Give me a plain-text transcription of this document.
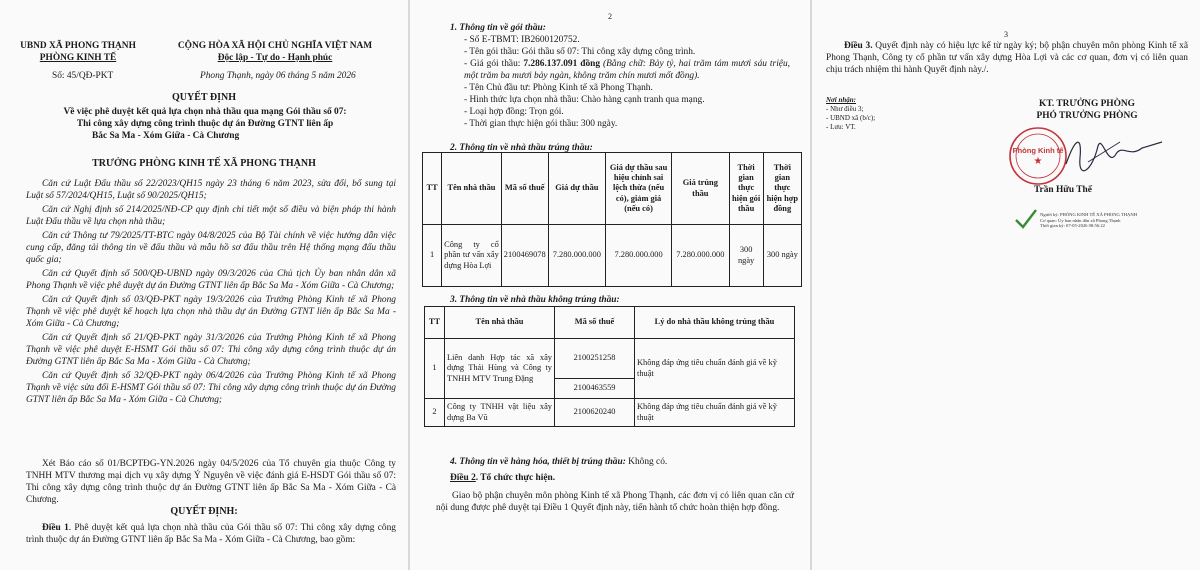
UBND XÃ PHONG THẠNH
PHÒNG KINH TẾ
CỘNG HÒA XÃ HỘI CHỦ NGHĨA VIỆT NAM
Độc lập - Tự do - Hạnh phúc
Số: 45/QĐ-PKT	Phong Thạnh, ngày 06 tháng 5 năm 2026
QUYẾT ĐỊNH
Về việc phê duyệt kết quả lựa chọn nhà thầu qua mạng Gói thầu số 07:
Thi công xây dựng công trình thuộc dự án Đường GTNT liên ấp
Bắc Sa Ma - Xóm Giữa - Cà Chương
TRƯỞNG PHÒNG KINH TẾ XÃ PHONG THẠNH

Căn cứ Luật Đấu thầu số 22/2023/QH15 ngày 23 tháng 6 năm 2023, sửa đổi, bổ sung tại Luật số 57/2024/QH15, Luật số 90/2025/QH15;

Căn cứ Nghị định số 214/2025/NĐ-CP quy định chi tiết một số điều và biện pháp thi hành Luật Đấu thầu về lựa chọn nhà thầu;

Căn cứ Thông tư 79/2025/TT-BTC ngày 04/8/2025 của Bộ Tài chính về việc hướng dẫn việc cung cấp, đăng tải thông tin về đấu thầu và mẫu hồ sơ đấu thầu trên Hệ thống mạng đấu thầu quốc gia;

Căn cứ Quyết định số 500/QĐ-UBND ngày 09/3/2026 của Chủ tịch Ủy ban nhân dân xã Phong Thạnh về việc phê duyệt dự án Đường GTNT liên ấp Bắc Sa Ma - Xóm Giữa - Cà Chương;

Căn cứ Quyết định số 03/QĐ-PKT ngày 19/3/2026 của Trưởng Phòng Kinh tế xã Phong Thạnh về việc phê duyệt kế hoạch lựa chọn nhà thầu dự án Đường GTNT liên ấp Bắc Sa Ma - Xóm Giữa - Cà Chương;

Căn cứ Quyết định số 21/QĐ-PKT ngày 31/3/2026 của Trưởng Phòng Kinh tế xã Phong Thạnh về việc phê duyệt E-HSMT Gói thầu số 07: Thi công xây dựng công trình thuộc dự án Đường GTNT liên ấp Bắc Sa Ma - Xóm Giữa - Cà Chương;

Căn cứ Quyết định số 32/QĐ-PKT ngày 06/4/2026 của Trưởng Phòng Kinh tế xã Phong Thạnh về việc sửa đổi E-HSMT Gói thầu số 07: Thi công xây dựng công trình thuộc dự án Đường GTNT liên ấp Bắc Sa Ma - Xóm Giữa - Cà Chương;

Xét Báo cáo số 01/BCPTĐG-YN.2026 ngày 04/5/2026 của Tổ chuyên gia thuộc Công ty TNHH MTV thương mại dịch vụ xây dựng Ý Nguyên về việc đánh giá E-HSDT Gói thầu số 07: Thi công xây dựng công trình thuộc dự án Đường GTNT liên ấp Bắc Sa Ma - Xóm Giữa - Cà Chương.

QUYẾT ĐỊNH:

Điều 1. Phê duyệt kết quả lựa chọn nhà thầu của Gói thầu số 07: Thi công xây dựng công trình thuộc dự án Đường GTNT liên ấp Bắc Sa Ma - Xóm Giữa - Cà Chương, bao gồm:

2
1. Thông tin về gói thầu:
- Số E-TBMT: IB2600120752.
- Tên gói thầu: Gói thầu số 07: Thi công xây dựng công trình.
- Giá gói thầu: 7.286.137.091 đồng (Bằng chữ: Bảy tỷ, hai trăm tám mươi sáu triệu, một trăm ba mươi bảy ngàn, không trăm chín mươi mốt đồng).
- Tên Chủ đầu tư: Phòng Kinh tế xã Phong Thạnh.
- Hình thức lựa chọn nhà thầu: Chào hàng cạnh tranh qua mạng.
- Loại hợp đồng: Trọn gói.
- Thời gian thực hiện gói thầu: 300 ngày.
2. Thông tin về nhà thầu trúng thầu:
TT	Tên nhà thầu	Mã số thuế	Giá dự thầu	Giá dự thầu sau hiệu chỉnh sai lệch thừa (nếu có), giảm giá (nếu có)	Giá trúng thầu	Thời gian thực hiện gói thầu	Thời gian thực hiện hợp đồng
1	Công ty cổ phần tư vấn xây dựng Hòa Lợi	2100469078	7.280.000.000	7.280.000.000	7.280.000.000	300 ngày	300 ngày
3. Thông tin về nhà thầu không trúng thầu:
TT	Tên nhà thầu	Mã số thuế	Lý do nhà thầu không trúng thầu
1	Liên danh Hợp tác xã xây dựng Thái Hùng và Công ty TNHH MTV Trung Đặng	2100251258	Không đáp ứng tiêu chuẩn đánh giá về kỹ thuật
		2100463559	
2	Công ty TNHH vật liệu xây dựng Ba Vũ	2100620240	Không đáp ứng tiêu chuẩn đánh giá về kỹ thuật
4. Thông tin về hàng hóa, thiết bị trúng thầu: Không có.
Điều 2. Tổ chức thực hiện.

Giao bộ phận chuyên môn phòng Kinh tế xã Phong Thạnh, các đơn vị có liên quan căn cứ nội dung được phê duyệt tại Điều 1 Quyết định này, tiến hành tổ chức hoàn thiện hợp đồng.

3

Điều 3. Quyết định này có hiệu lực kể từ ngày ký; bộ phận chuyên môn phòng Kinh tế xã Phong Thạnh, Công ty cổ phần tư vấn xây dựng Hòa Lợi và các cơ quan, đơn vị có liên quan chịu trách nhiệm thi hành Quyết định này./.

Nơi nhận:
- Như điều 3;
- UBND xã (b/c);
- Lưu: VT.
KT. TRƯỞNG PHÒNG
PHÓ TRƯỞNG PHÒNG
Phòng Kinh tế
★
Trần Hữu Thế
Người ký: PHÒNG KINH TẾ XÃ PHONG THẠNH
Cơ quan: Ủy ban nhân dân xã Phong Thạnh
Thời gian ký: 07-05-2026 08:56:22
